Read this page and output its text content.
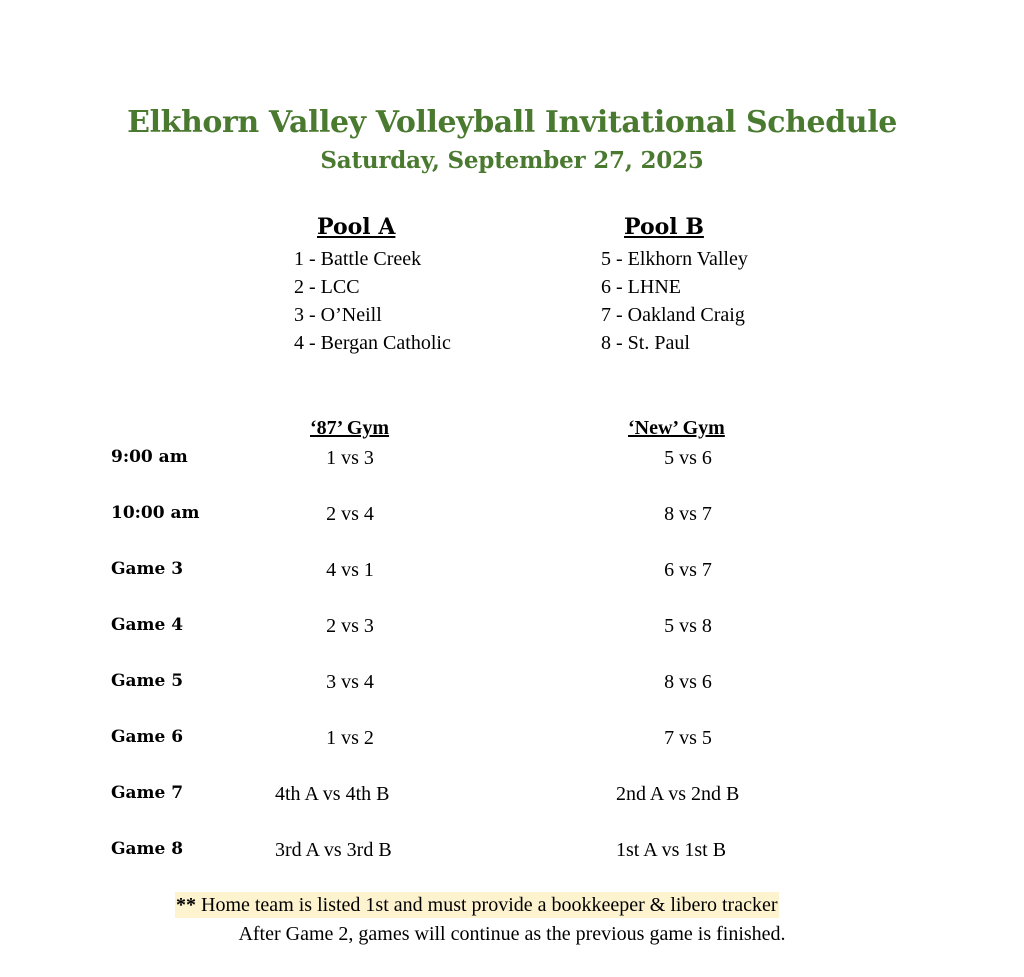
Elkhorn Valley Volleyball Invitational Schedule
Saturday, September 27, 2025
Pool A
1 - Battle Creek
2 - LCC
3 - O’Neill
4 - Bergan Catholic
Pool B
5 - Elkhorn Valley
6 - LHNE
7 - Oakland Craig
8 - St. Paul
‘87’ Gym	‘New’ Gym
9:00 am	1 vs 3	5 vs 6
10:00 am	2 vs 4	8 vs 7
Game 3	4 vs 1	6 vs 7
Game 4	2 vs 3	5 vs 8
Game 5	3 vs 4	8 vs 6
Game 6	1 vs 2	7 vs 5
Game 7	4th A vs 4th B	2nd A vs 2nd B
Game 8	3rd A vs 3rd B	1st A vs 1st B
** Home team is listed 1st and must provide a bookkeeper & libero tracker
After Game 2, games will continue as the previous game is finished.
